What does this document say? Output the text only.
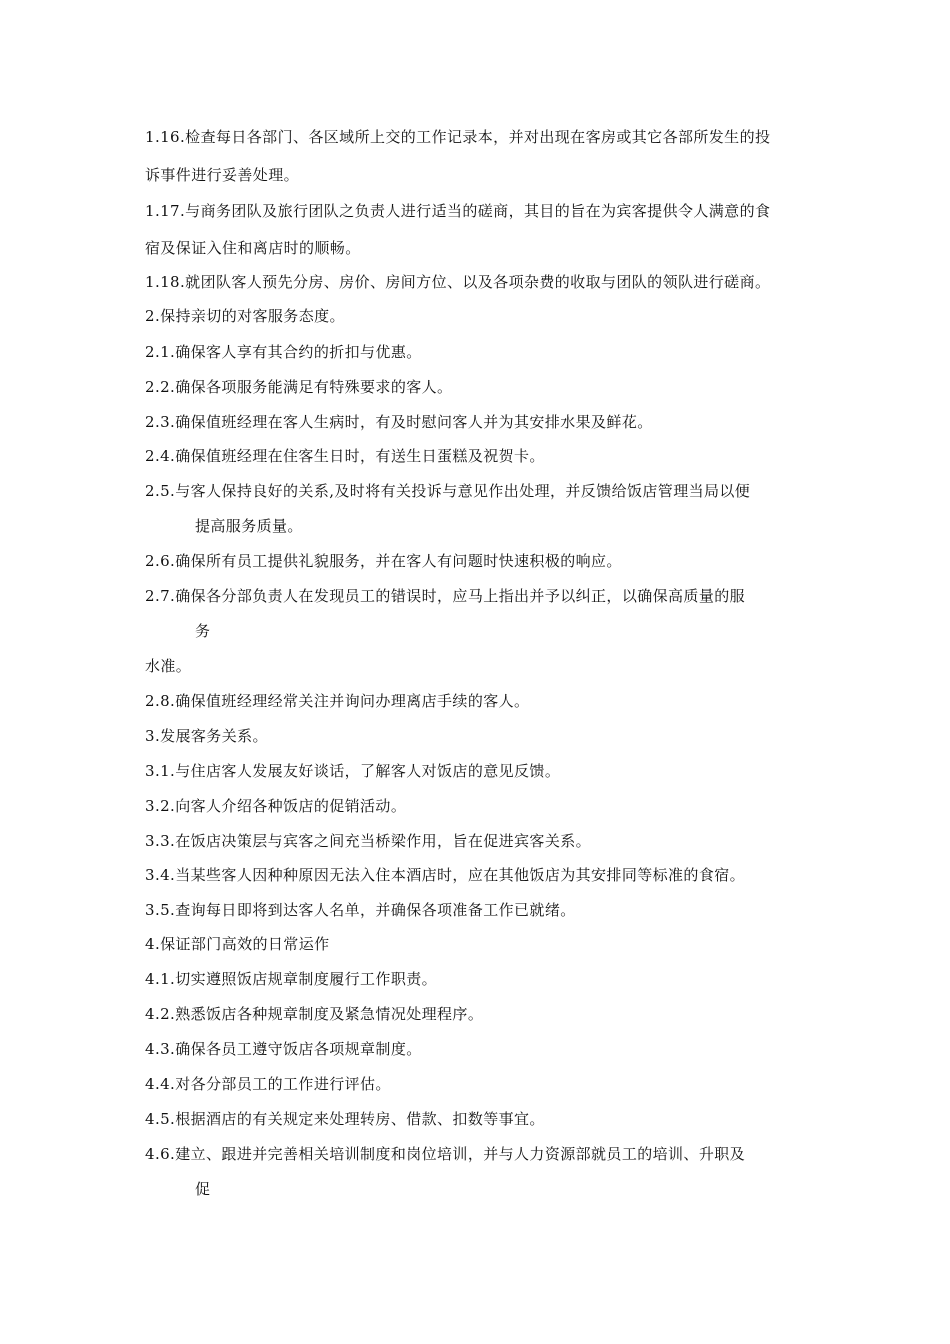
1.16.检查每日各部门、各区域所上交的工作记录本，并对出现在客房或其它各部所发生的投
诉事件进行妥善处理。
1.17.与商务团队及旅行团队之负责人进行适当的磋商，其目的旨在为宾客提供令人满意的食
宿及保证入住和离店时的顺畅。
1.18.就团队客人预先分房、房价、房间方位、以及各项杂费的收取与团队的领队进行磋商。
2.保持亲切的对客服务态度。
2.1.确保客人享有其合约的折扣与优惠。
2.2.确保各项服务能满足有特殊要求的客人。
2.3.确保值班经理在客人生病时，有及时慰问客人并为其安排水果及鲜花。
2.4.确保值班经理在住客生日时，有送生日蛋糕及祝贺卡。
2.5.与客人保持良好的关系,及时将有关投诉与意见作出处理，并反馈给饭店管理当局以便
提高服务质量。
2.6.确保所有员工提供礼貌服务，并在客人有问题时快速积极的响应。
2.7.确保各分部负责人在发现员工的错误时，应马上指出并予以纠正，以确保高质量的服
务
水准。
2.8.确保值班经理经常关注并询问办理离店手续的客人。
3.发展客务关系。
3.1.与住店客人发展友好谈话，了解客人对饭店的意见反馈。
3.2.向客人介绍各种饭店的促销活动。
3.3.在饭店决策层与宾客之间充当桥梁作用，旨在促进宾客关系。
3.4.当某些客人因种种原因无法入住本酒店时，应在其他饭店为其安排同等标准的食宿。
3.5.查询每日即将到达客人名单，并确保各项准备工作已就绪。
4.保证部门高效的日常运作
4.1.切实遵照饭店规章制度履行工作职责。
4.2.熟悉饭店各种规章制度及紧急情况处理程序。
4.3.确保各员工遵守饭店各项规章制度。
4.4.对各分部员工的工作进行评估。
4.5.根据酒店的有关规定来处理转房、借款、扣数等事宜。
4.6.建立、跟进并完善相关培训制度和岗位培训，并与人力资源部就员工的培训、升职及
促
